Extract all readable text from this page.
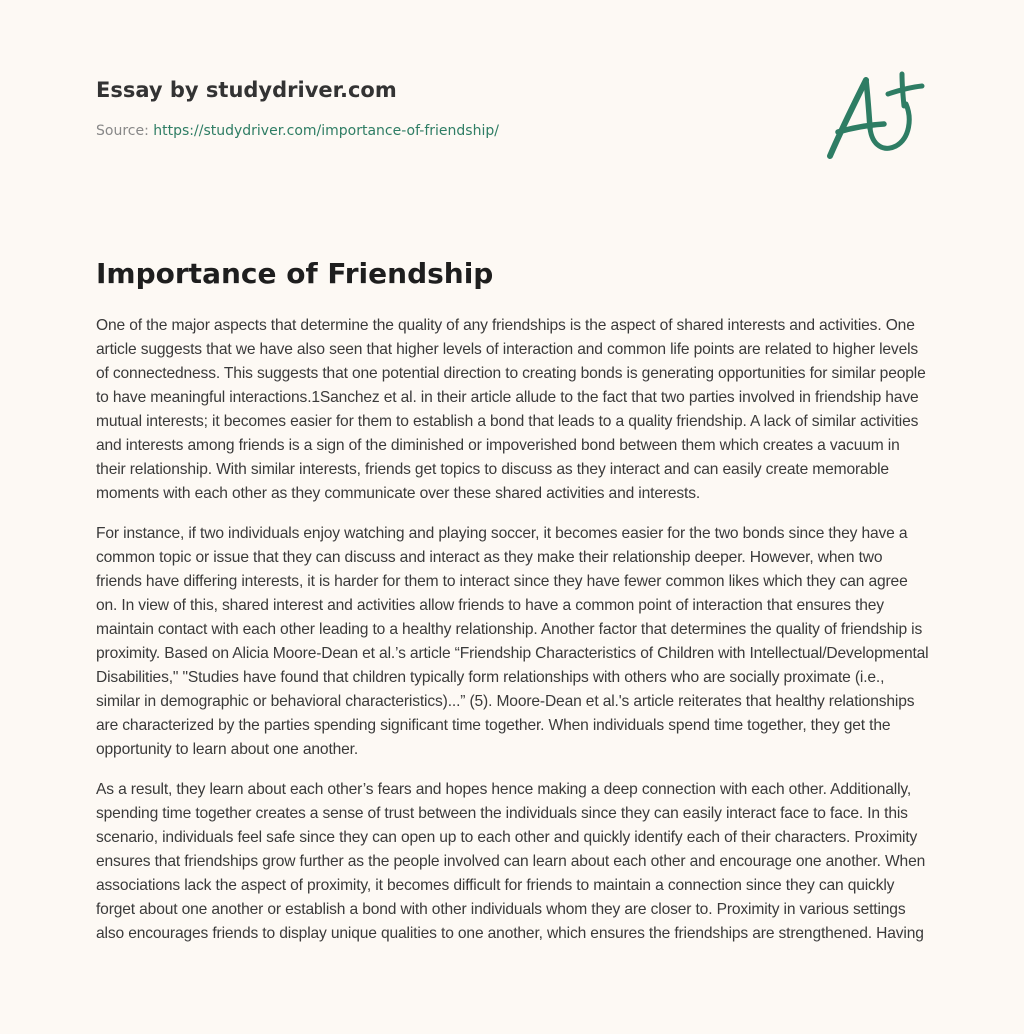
Essay by studydriver.com
Source: https://studydriver.com/importance-of-friendship/
Importance of Friendship

One of the major aspects that determine the quality of any friendships is the aspect of shared interests and activities. One article suggests that we have also seen that higher levels of interaction and common life points are related to higher levels of connectedness. This suggests that one potential direction to creating bonds is generating opportunities for similar people to have meaningful interactions.1Sanchez et al. in their article allude to the fact that two parties involved in friendship have mutual interests; it becomes easier for them to establish a bond that leads to a quality friendship. A lack of similar activities and interests among friends is a sign of the diminished or impoverished bond between them which creates a vacuum in their relationship. With similar interests, friends get topics to discuss as they interact and can easily create memorable moments with each other as they communicate over these shared activities and interests.

For instance, if two individuals enjoy watching and playing soccer, it becomes easier for the two bonds since they have a common topic or issue that they can discuss and interact as they make their relationship deeper. However, when two friends have differing interests, it is harder for them to interact since they have fewer common likes which they can agree on. In view of this, shared interest and activities allow friends to have a common point of interaction that ensures they maintain contact with each other leading to a healthy relationship. Another factor that determines the quality of friendship is proximity. Based on Alicia Moore-Dean et al.’s article “Friendship Characteristics of Children with Intellectual/Developmental Disabilities," "Studies have found that children typically form relationships with others who are socially proximate (i.e., similar in demographic or behavioral characteristics)...” (5). Moore-Dean et al.'s article reiterates that healthy relationships are characterized by the parties spending significant time together. When individuals spend time together, they get the opportunity to learn about one another.

As a result, they learn about each other’s fears and hopes hence making a deep connection with each other. Additionally, spending time together creates a sense of trust between the individuals since they can easily interact face to face. In this scenario, individuals feel safe since they can open up to each other and quickly identify each of their characters. Proximity ensures that friendships grow further as the people involved can learn about each other and encourage one another. When associations lack the aspect of proximity, it becomes difficult for friends to maintain a connection since they can quickly forget about one another or establish a bond with other individuals whom they are closer to. Proximity in various settings also encourages friends to display unique qualities to one another, which ensures the friendships are strengthened. Having
